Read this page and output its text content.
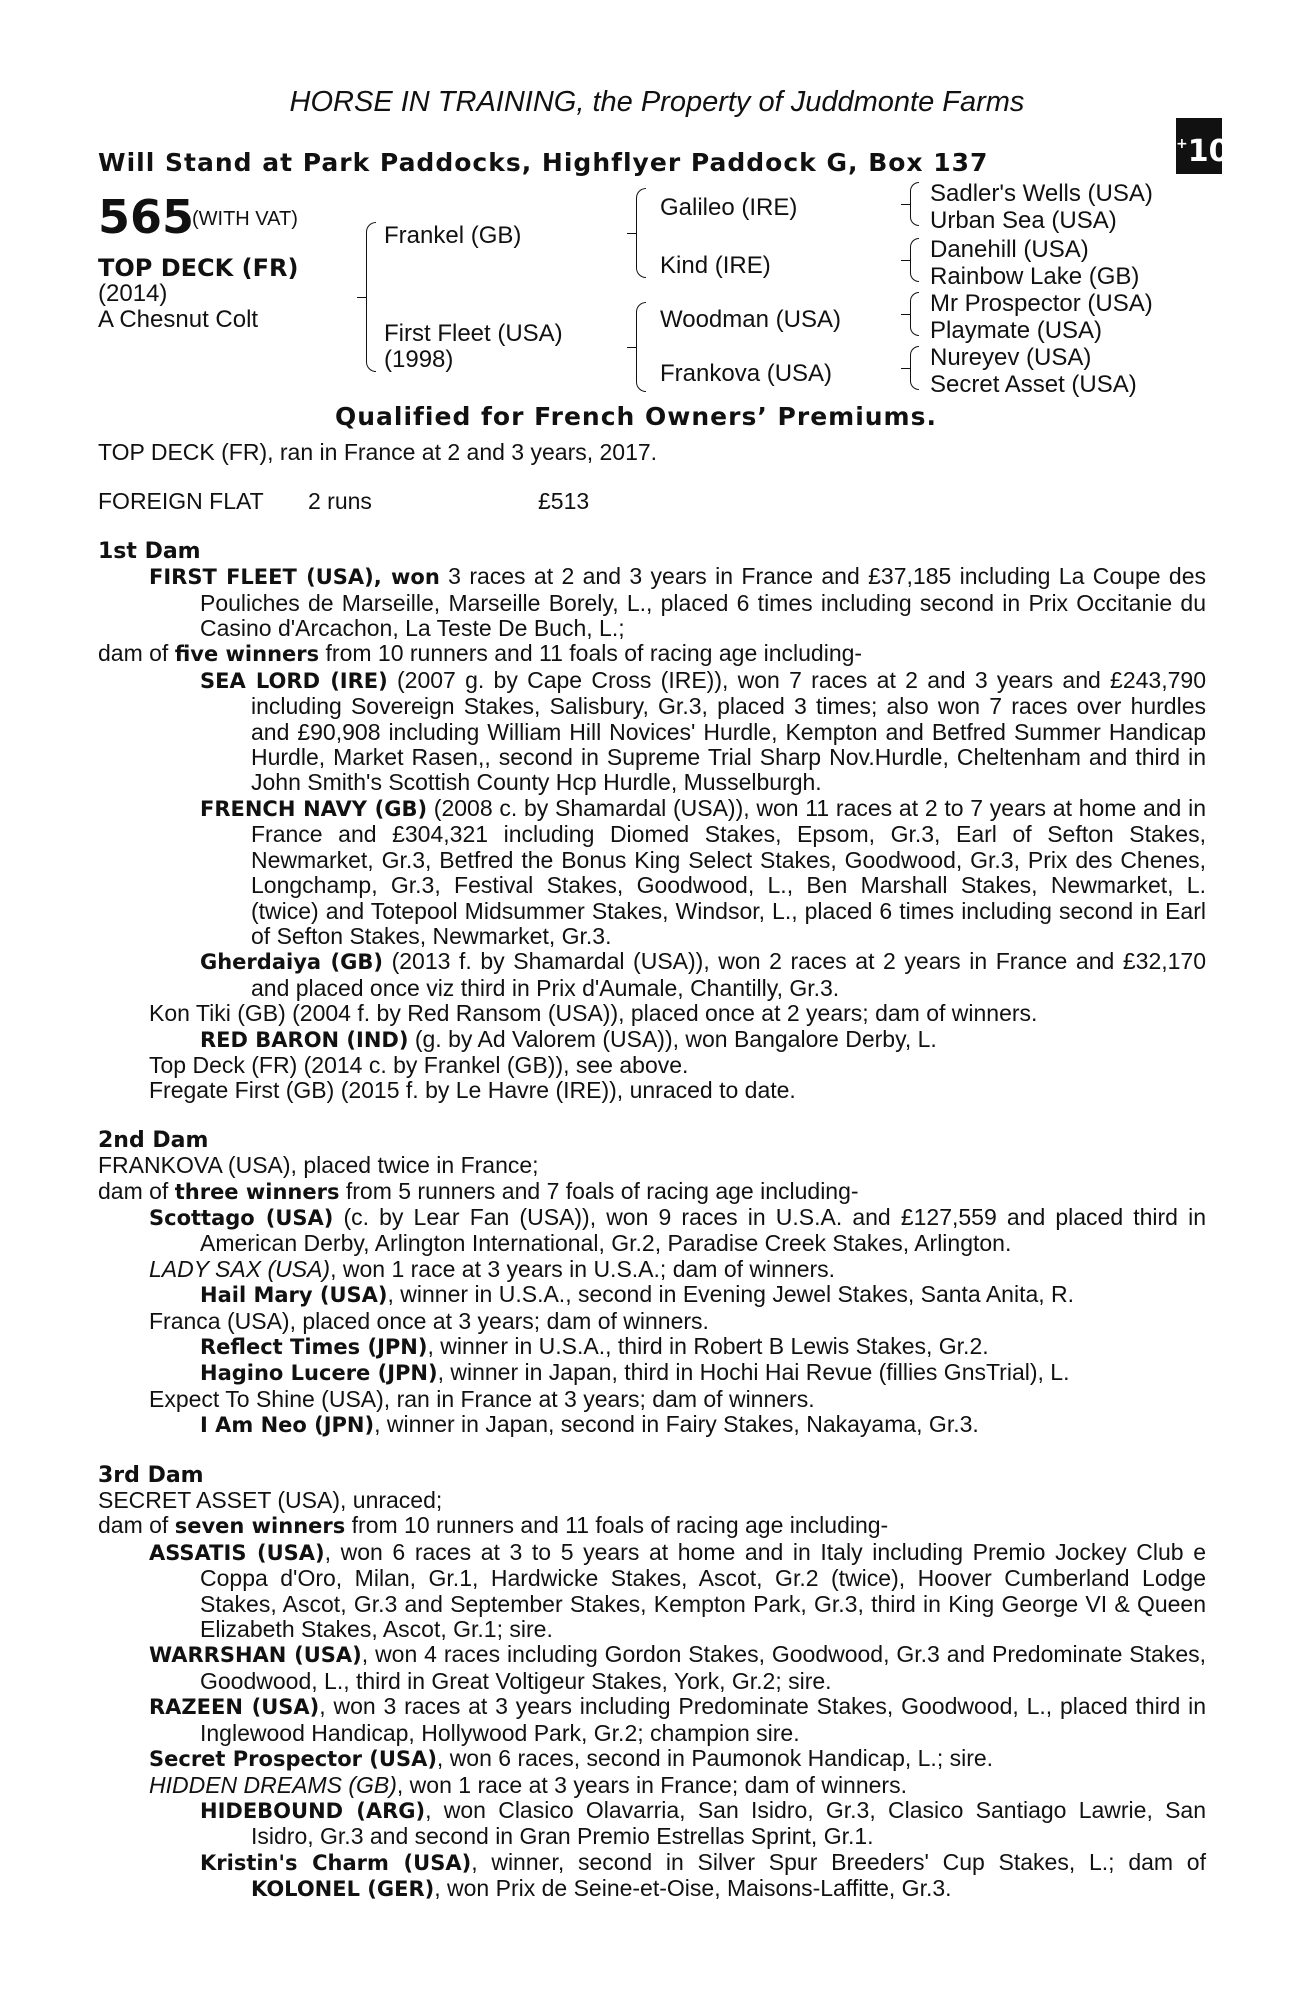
HORSE IN TRAINING, the Property of Juddmonte Farms
Will Stand at Park Paddocks, Highflyer Paddock G, Box 137
+10
565
(WITH VAT)
TOP DECK (FR)
(2014)
A Chesnut Colt
Frankel (GB)
First Fleet (USA)
(1998)
Galileo (IRE)
Kind (IRE)
Woodman (USA)
Frankova (USA)
Sadler's Wells (USA)
Urban Sea (USA)
Danehill (USA)
Rainbow Lake (GB)
Mr Prospector (USA)
Playmate (USA)
Nureyev (USA)
Secret Asset (USA)
Qualified for French Owners’ Premiums.

TOP DECK (FR), ran in France at 2 and 3 years, 2017.

FOREIGN FLAT 2 runs	£513

1st Dam

FIRST FLEET (USA), won 3 races at 2 and 3 years in France and £37,185 including La Coupe des Pouliches de Marseille, Marseille Borely, L., placed 6 times including second in Prix Occitanie du Casino d'Arcachon, La Teste De Buch, L.;

dam of five winners from 10 runners and 11 foals of racing age including-

SEA LORD (IRE) (2007 g. by Cape Cross (IRE)), won 7 races at 2 and 3 years and £243,790 including Sovereign Stakes, Salisbury, Gr.3, placed 3 times; also won 7 races over hurdles and £90,908 including William Hill Novices' Hurdle, Kempton and Betfred Summer Handicap Hurdle, Market Rasen,, second in Supreme Trial Sharp Nov.Hurdle, Cheltenham and third in John Smith's Scottish County Hcp Hurdle, Musselburgh.

FRENCH NAVY (GB) (2008 c. by Shamardal (USA)), won 11 races at 2 to 7 years at home and in France and £304,321 including Diomed Stakes, Epsom, Gr.3, Earl of Sefton Stakes, Newmarket, Gr.3, Betfred the Bonus King Select Stakes, Goodwood, Gr.3, Prix des Chenes, Longchamp, Gr.3, Festival Stakes, Goodwood, L., Ben Marshall Stakes, Newmarket, L. (twice) and Totepool Midsummer Stakes, Windsor, L., placed 6 times including second in Earl of Sefton Stakes, Newmarket, Gr.3.

Gherdaiya (GB) (2013 f. by Shamardal (USA)), won 2 races at 2 years in France and £32,170 and placed once viz third in Prix d'Aumale, Chantilly, Gr.3.

Kon Tiki (GB) (2004 f. by Red Ransom (USA)), placed once at 2 years; dam of winners.

RED BARON (IND) (g. by Ad Valorem (USA)), won Bangalore Derby, L.

Top Deck (FR) (2014 c. by Frankel (GB)), see above.

Fregate First (GB) (2015 f. by Le Havre (IRE)), unraced to date.

2nd Dam

FRANKOVA (USA), placed twice in France;

dam of three winners from 5 runners and 7 foals of racing age including-

Scottago (USA) (c. by Lear Fan (USA)), won 9 races in U.S.A. and £127,559 and placed third in American Derby, Arlington International, Gr.2, Paradise Creek Stakes, Arlington.

LADY SAX (USA), won 1 race at 3 years in U.S.A.; dam of winners.

Hail Mary (USA), winner in U.S.A., second in Evening Jewel Stakes, Santa Anita, R.

Franca (USA), placed once at 3 years; dam of winners.

Reflect Times (JPN), winner in U.S.A., third in Robert B Lewis Stakes, Gr.2.

Hagino Lucere (JPN), winner in Japan, third in Hochi Hai Revue (fillies GnsTrial), L.

Expect To Shine (USA), ran in France at 3 years; dam of winners.

I Am Neo (JPN), winner in Japan, second in Fairy Stakes, Nakayama, Gr.3.

3rd Dam

SECRET ASSET (USA), unraced;

dam of seven winners from 10 runners and 11 foals of racing age including-

ASSATIS (USA), won 6 races at 3 to 5 years at home and in Italy including Premio Jockey Club e Coppa d'Oro, Milan, Gr.1, Hardwicke Stakes, Ascot, Gr.2 (twice), Hoover Cumberland Lodge Stakes, Ascot, Gr.3 and September Stakes, Kempton Park, Gr.3, third in King George VI & Queen Elizabeth Stakes, Ascot, Gr.1; sire.

WARRSHAN (USA), won 4 races including Gordon Stakes, Goodwood, Gr.3 and Predominate Stakes, Goodwood, L., third in Great Voltigeur Stakes, York, Gr.2; sire.

RAZEEN (USA), won 3 races at 3 years including Predominate Stakes, Goodwood, L., placed third in Inglewood Handicap, Hollywood Park, Gr.2; champion sire.

Secret Prospector (USA), won 6 races, second in Paumonok Handicap, L.; sire.

HIDDEN DREAMS (GB), won 1 race at 3 years in France; dam of winners.

HIDEBOUND (ARG), won Clasico Olavarria, San Isidro, Gr.3, Clasico Santiago Lawrie, San Isidro, Gr.3 and second in Gran Premio Estrellas Sprint, Gr.1.

Kristin's Charm (USA), winner, second in Silver Spur Breeders' Cup Stakes, L.; dam of KOLONEL (GER), won Prix de Seine-et-Oise, Maisons-Laffitte, Gr.3.
